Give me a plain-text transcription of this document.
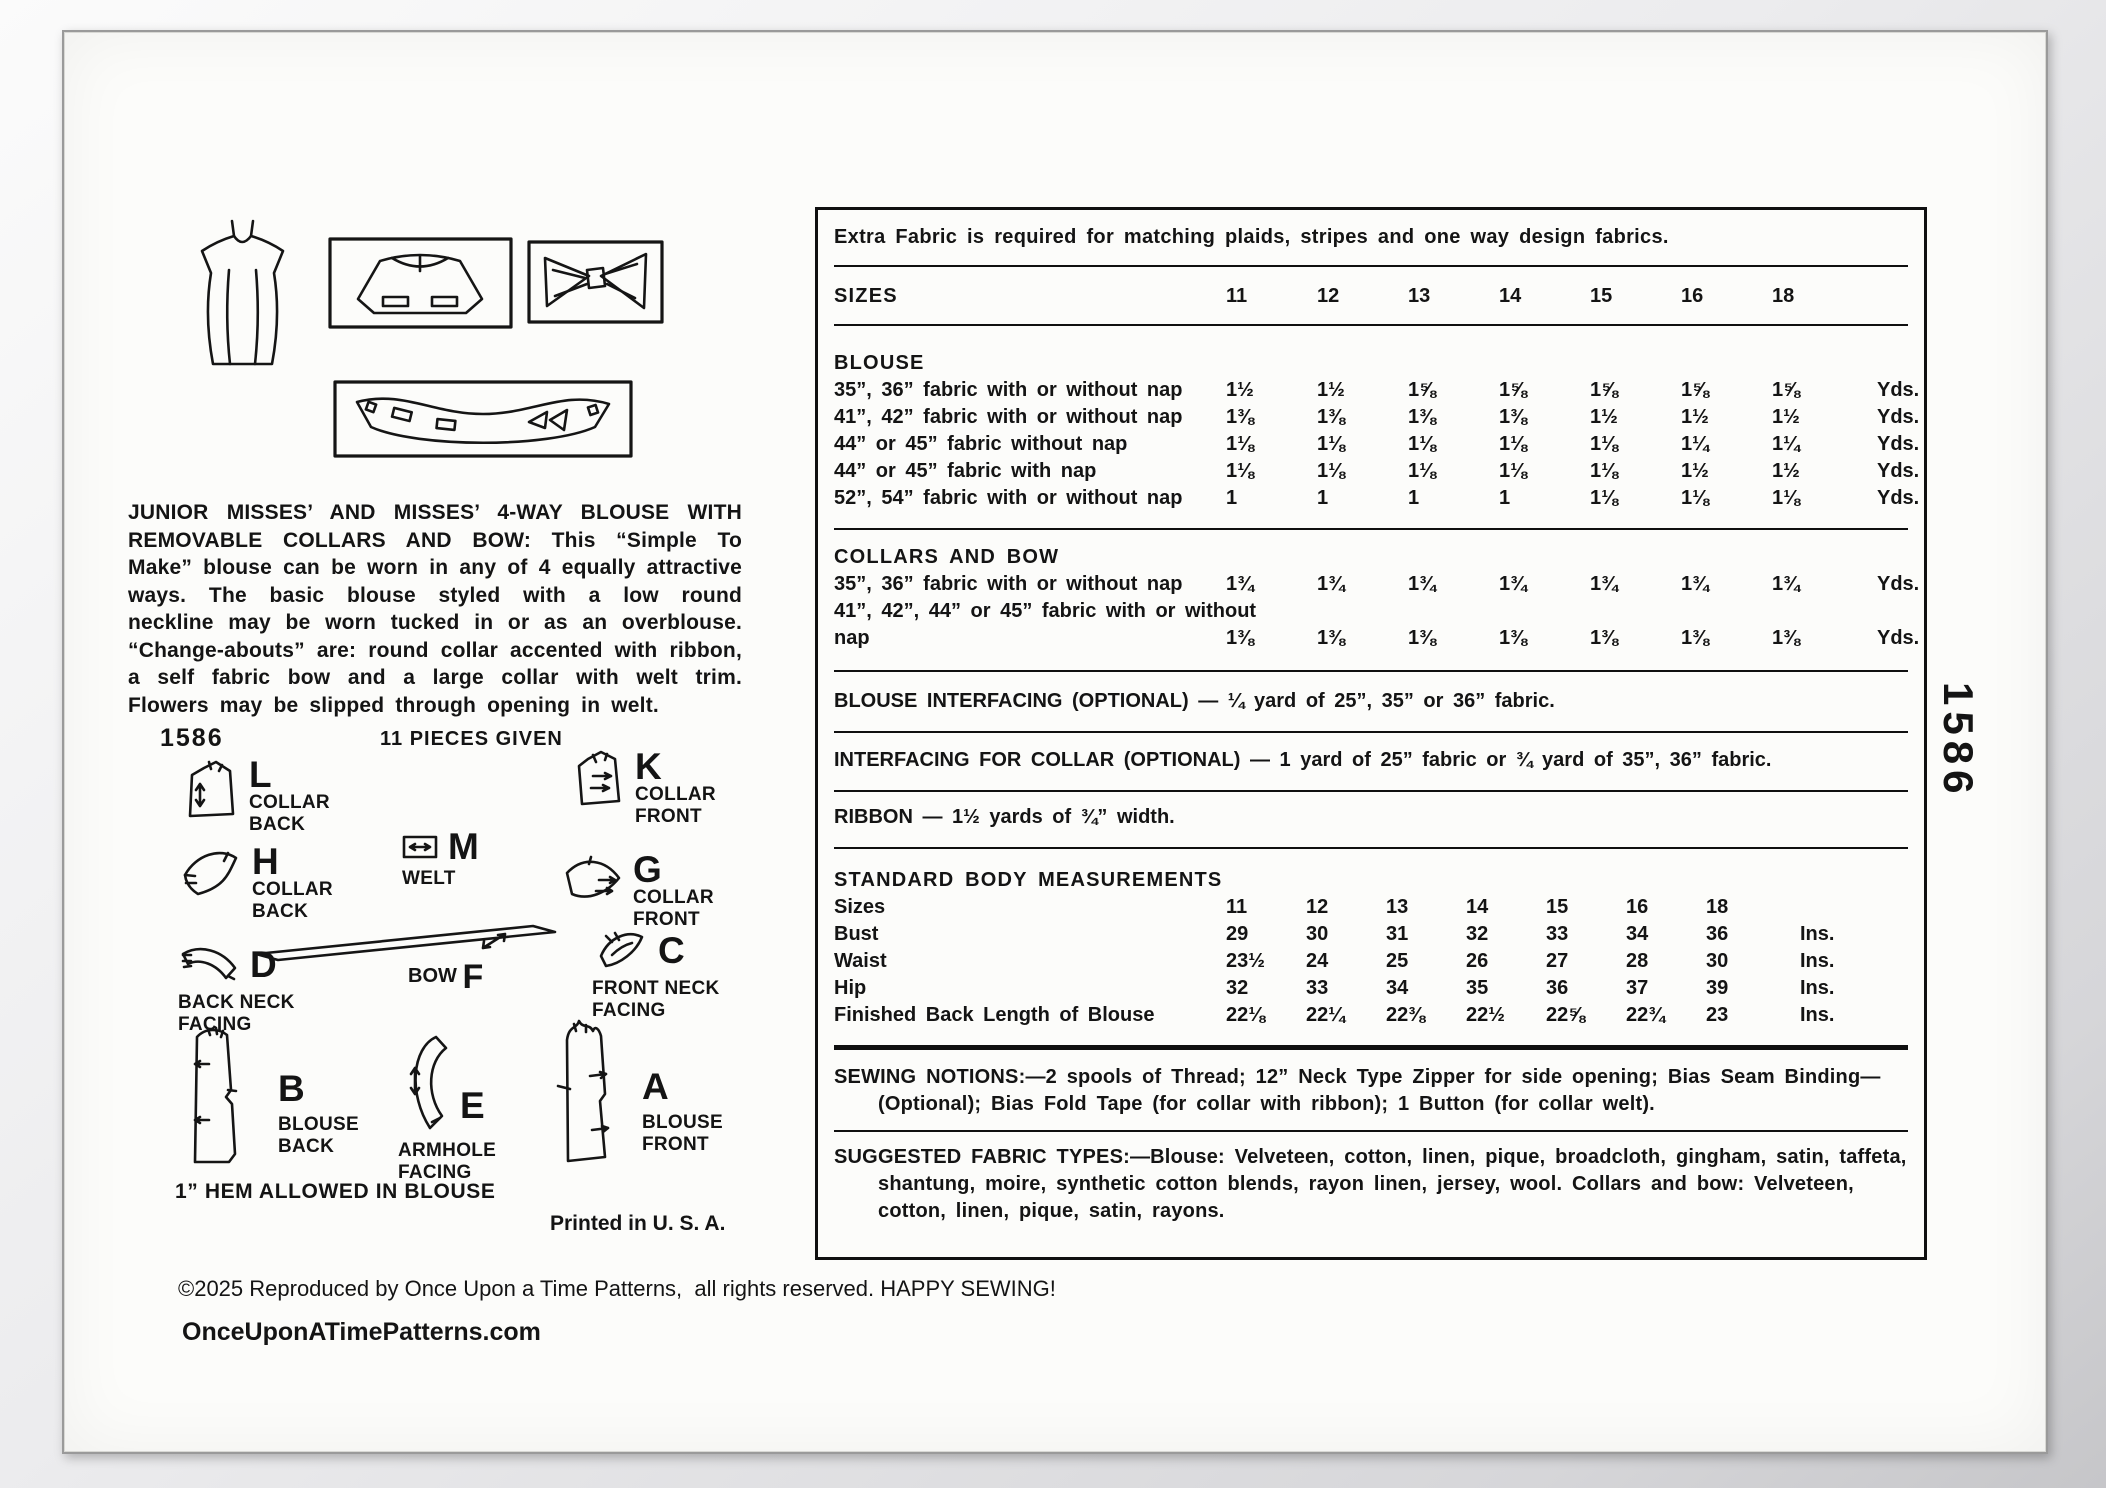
JUNIOR MISSES’ AND MISSES’ 4-WAY BLOUSE WITH REMOVABLE COLLARS AND BOW: This “Simple To Make” blouse can be worn in any of 4 equally attractive ways. The basic blouse styled with a low round neckline may be worn tucked in or as an overblouse. “Change-abouts” are: round collar accented with ribbon, a self fabric bow and a large collar with welt trim. Flowers may be slipped through opening in welt.

1586	11 PIECES GIVEN
L
COLLAR BACK
K
COLLAR FRONT
M
WELT
H
COLLAR BACK
G
COLLAR FRONT
D
BACK NECK FACING
BOW F
C
FRONT NECK FACING
B
BLOUSE BACK
E
ARMHOLE FACING
A
BLOUSE FRONT
1” HEM ALLOWED IN BLOUSE
Printed in U. S. A.
Extra Fabric is required for matching plaids, stripes and one way design fabrics.
SIZES	11	12	13	14	15	16	18
BLOUSE
35”, 36” fabric with or without nap	1½	1½	1⅝	1⅝	1⅝	1⅝	1⅝	Yds.
41”, 42” fabric with or without nap	1⅜	1⅜	1⅜	1⅜	1½	1½	1½	Yds.
44” or 45” fabric without nap	1⅛	1⅛	1⅛	1⅛	1⅛	1¼	1¼	Yds.
44” or 45” fabric with nap	1⅛	1⅛	1⅛	1⅛	1⅛	1½	1½	Yds.
52”, 54” fabric with or without nap	1	1	1	1	1⅛	1⅛	1⅛	Yds.
COLLARS AND BOW
35”, 36” fabric with or without nap	1¾	1¾	1¾	1¾	1¾	1¾	1¾	Yds.
41”, 42”, 44” or 45” fabric with or without
nap	1⅜	1⅜	1⅜	1⅜	1⅜	1⅜	1⅜	Yds.
BLOUSE INTERFACING (OPTIONAL) — ¼ yard of 25”, 35” or 36” fabric.
INTERFACING FOR COLLAR (OPTIONAL) — 1 yard of 25” fabric or ¾ yard of 35”, 36” fabric.
RIBBON — 1½ yards of ¾” width.
STANDARD BODY MEASUREMENTS
Sizes	11	12	13	14	15	16	18
Bust	29	30	31	32	33	34	36	Ins.
Waist	23½	24	25	26	27	28	30	Ins.
Hip	32	33	34	35	36	37	39	Ins.
Finished Back Length of Blouse	22⅛	22¼	22⅜	22½	22⅝	22¾	23	Ins.
SEWING NOTIONS:—2 spools of Thread; 12” Neck Type Zipper for side opening; Bias Seam Binding—(Optional); Bias Fold Tape (for collar with ribbon); 1 Button (for collar welt).
SUGGESTED FABRIC TYPES:—Blouse: Velveteen, cotton, linen, pique, broadcloth, gingham, satin, taffeta, shantung, moire, synthetic cotton blends, rayon linen, jersey, wool. Collars and bow: Velveteen, cotton, linen, pique, satin, rayons.
1586
©2025 Reproduced by Once Upon a Time Patterns,  all rights reserved. HAPPY SEWING!
OnceUponATimePatterns.com
